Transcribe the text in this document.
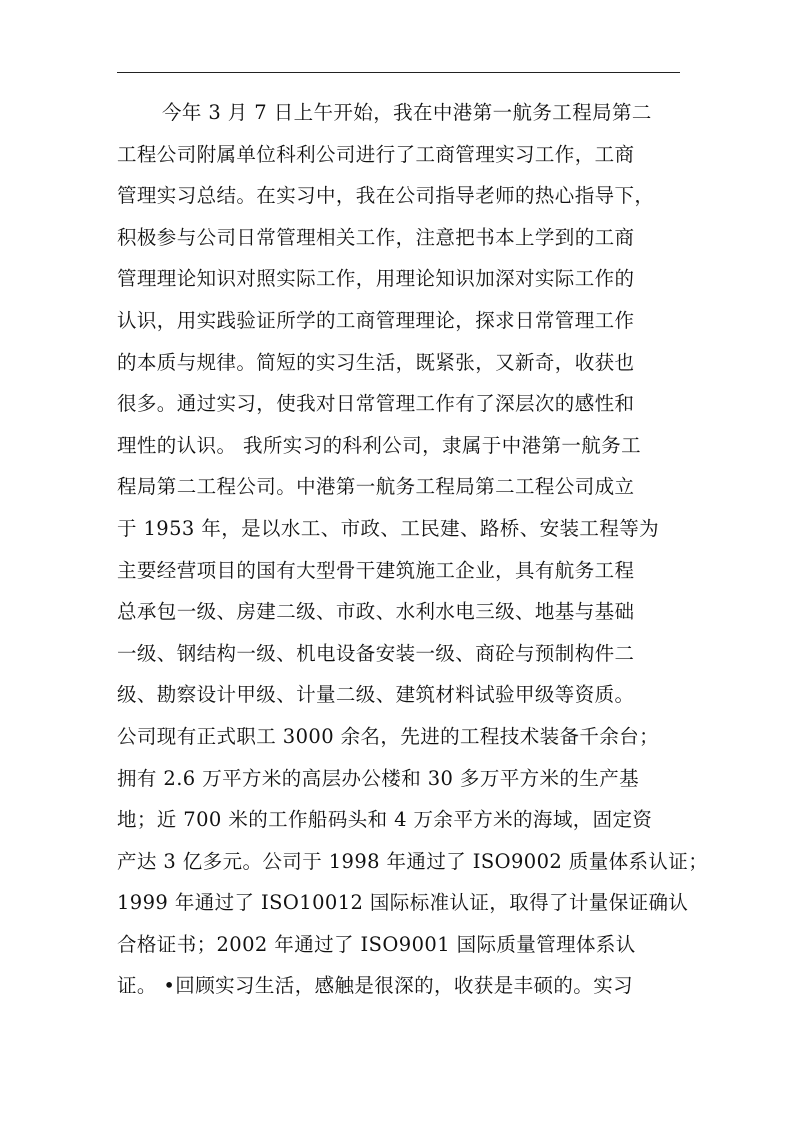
今年 3 月 7 日上午开始，我在中港第一航务工程局第二
工程公司附属单位科利公司进行了工商管理实习工作，工商
管理实习总结。在实习中，我在公司指导老师的热心指导下，
积极参与公司日常管理相关工作，注意把书本上学到的工商
管理理论知识对照实际工作，用理论知识加深对实际工作的
认识，用实践验证所学的工商管理理论，探求日常管理工作
的本质与规律。简短的实习生活，既紧张，又新奇，收获也
很多。通过实习，使我对日常管理工作有了深层次的感性和
理性的认识。 我所实习的科利公司，隶属于中港第一航务工
程局第二工程公司。中港第一航务工程局第二工程公司成立
于 1953 年，是以水工、市政、工民建、路桥、安装工程等为
主要经营项目的国有大型骨干建筑施工企业，具有航务工程
总承包一级、房建二级、市政、水利水电三级、地基与基础
一级、钢结构一级、机电设备安装一级、商砼与预制构件二
级、勘察设计甲级、计量二级、建筑材料试验甲级等资质。
公司现有正式职工 3000 余名，先进的工程技术装备千余台；
拥有 2.6 万平方米的高层办公楼和 30 多万平方米的生产基
地；近 700 米的工作船码头和 4 万余平方米的海域，固定资
产达 3 亿多元。公司于 1998 年通过了 ISO9002 质量体系认证；
1999 年通过了 ISO10012 国际标准认证，取得了计量保证确认
合格证书；2002 年通过了 ISO9001 国际质量管理体系认
证。 •回顾实习生活，感触是很深的，收获是丰硕的。实习
